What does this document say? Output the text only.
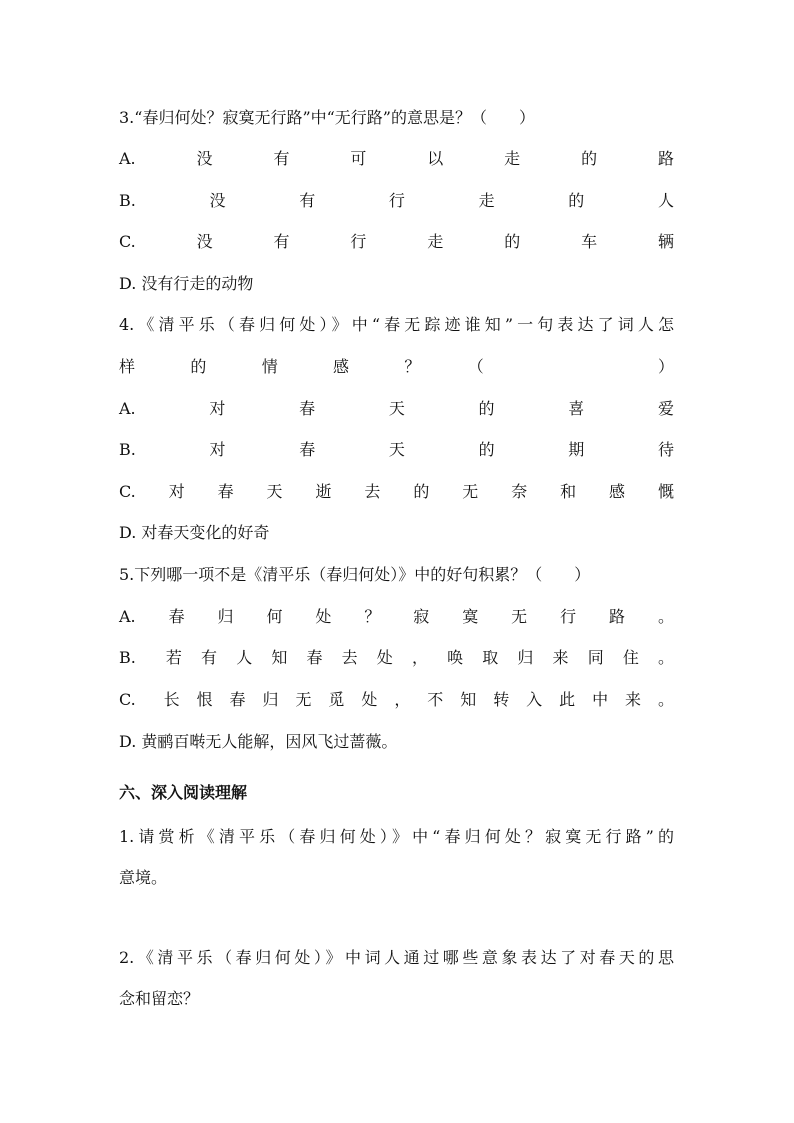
3.“春归何处？寂寞无行路”中“无行路”的意思是？（　　）
A.　　没　　有　　可　　以　　走　　的　　路
B.　　没　　有　　行　　走　　的　　人
C.　　没　　有　　行　　走　　的　　车　　辆
D. 没有行走的动物
4.《清平乐（春归何处）》中“春无踪迹谁知”一句表达了词人怎
样　　的　　情　　感　　？　　（　　　　　　　）
A.　　对　　春　　天　　的　　喜　　爱
B.　　对　　春　　天　　的　　期　　待
C.　对　春　天　逝　去　的　无　奈　和　感　慨
D. 对春天变化的好奇
5.下列哪一项不是《清平乐（春归何处）》中的好句积累？（　　）
A.　春　归　何　处　？　寂　寞　无　行　路　。
B.　若 有 人 知 春 去 处 ， 唤 取 归 来 同 住 。
C.　长 恨 春 归 无 觅 处 ， 不 知 转 入 此 中 来 。
D. 黄鹂百啭无人能解，因风飞过蔷薇。
六、深入阅读理解
1.请赏析《清平乐（春归何处）》中“春归何处？寂寞无行路”的
意境。
2.《清平乐（春归何处）》中词人通过哪些意象表达了对春天的思
念和留恋？
